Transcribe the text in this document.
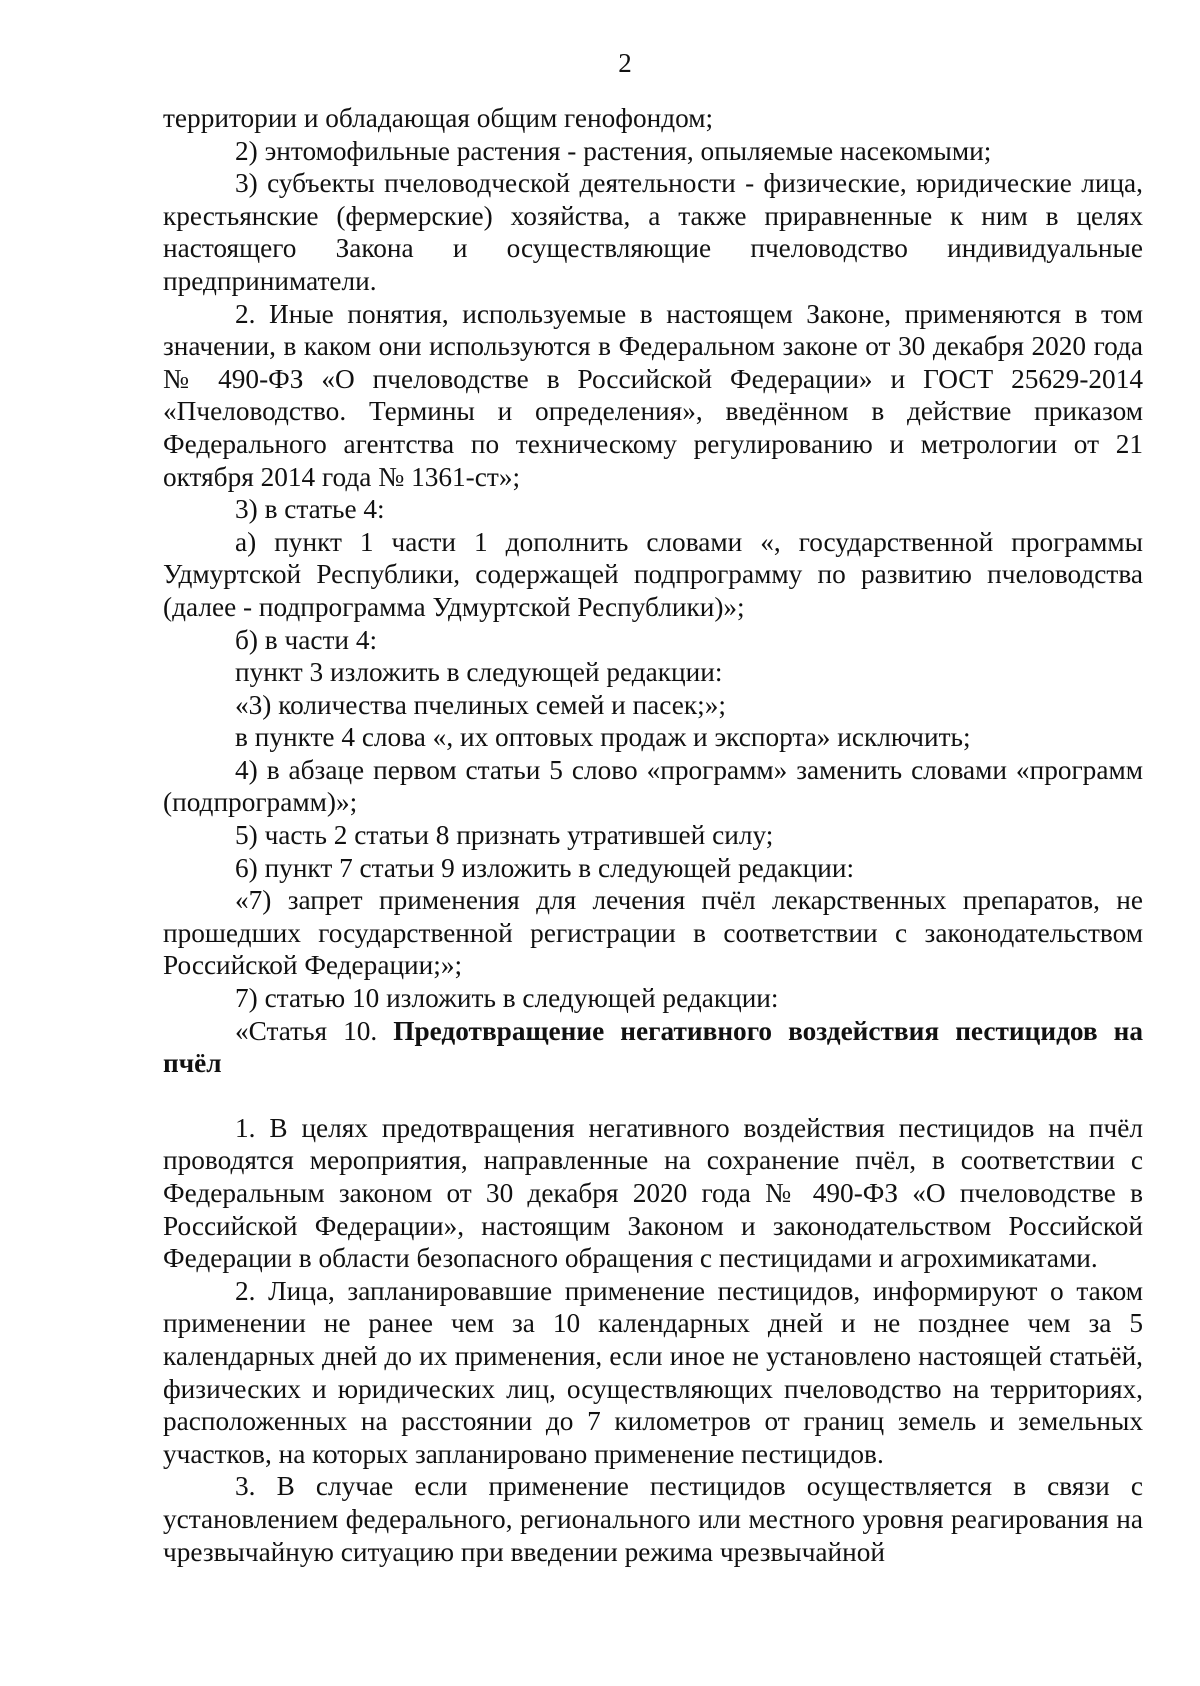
2

территории и обладающая общим генофондом;

2) энтомофильные растения - растения, опыляемые насекомыми;

3) субъекты пчеловодческой деятельности - физические, юридические лица, крестьянские (фермерские) хозяйства, а также приравненные к ним в целях настоящего Закона и осуществляющие пчеловодство индивидуальные предприниматели.

2. Иные понятия, используемые в настоящем Законе, применяются в том значении, в каком они используются в Федеральном законе от 30 декабря 2020 года № 490-ФЗ «О пчеловодстве в Российской Федерации» и ГОСТ 25629-2014 «Пчеловодство. Термины и определения», введённом в действие приказом Федерального агентства по техническому регулированию и метрологии от 21 октября 2014 года № 1361-ст»;

3) в статье 4:

а) пункт 1 части 1 дополнить словами «, государственной программы Удмуртской Республики, содержащей подпрограмму по развитию пчеловодства (далее - подпрограмма Удмуртской Республики)»;

б) в части 4:

пункт 3 изложить в следующей редакции:

«3) количества пчелиных семей и пасек;»;

в пункте 4 слова «, их оптовых продаж и экспорта» исключить;

4) в абзаце первом статьи 5 слово «программ» заменить словами «программ (подпрограмм)»;

5) часть 2 статьи 8 признать утратившей силу;

6) пункт 7 статьи 9 изложить в следующей редакции:

«7) запрет применения для лечения пчёл лекарственных препаратов, не прошедших государственной регистрации в соответствии с законодательством Российской Федерации;»;

7) статью 10 изложить в следующей редакции:

«Статья 10. Предотвращение негативного воздействия пестицидов на пчёл

1. В целях предотвращения негативного воздействия пестицидов на пчёл проводятся мероприятия, направленные на сохранение пчёл, в соответствии с Федеральным законом от 30 декабря 2020 года № 490-ФЗ «О пчеловодстве в Российской Федерации», настоящим Законом и законодательством Российской Федерации в области безопасного обращения с пестицидами и агрохимикатами.

2. Лица, запланировавшие применение пестицидов, информируют о таком применении не ранее чем за 10 календарных дней и не позднее чем за 5 календарных дней до их применения, если иное не установлено настоящей статьёй, физических и юридических лиц, осуществляющих пчеловодство на территориях, расположенных на расстоянии до 7 километров от границ земель и земельных участков, на которых запланировано применение пестицидов.

3. В случае если применение пестицидов осуществляется в связи с установлением федерального, регионального или местного уровня реагирования на чрезвычайную ситуацию при введении режима чрезвычайной
